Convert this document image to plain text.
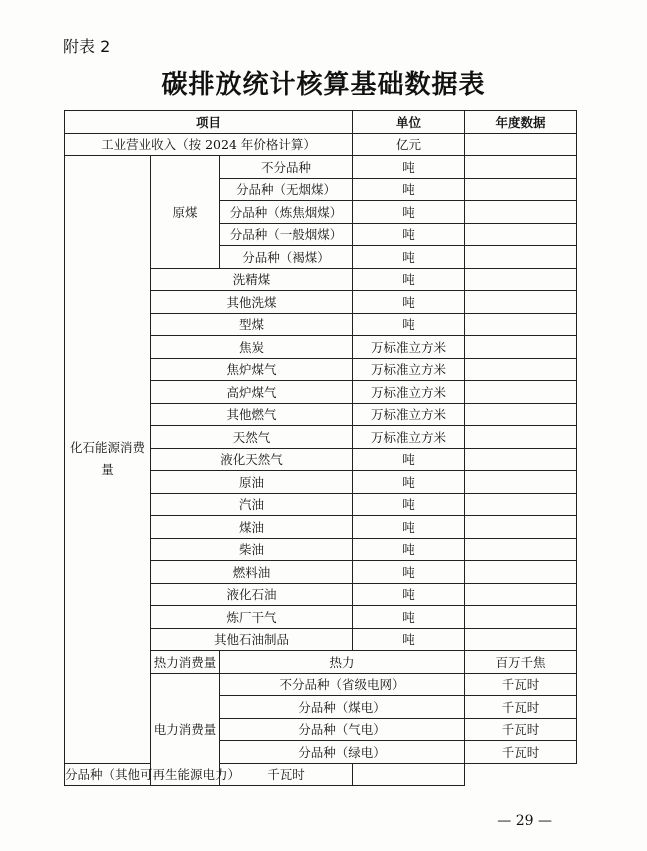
附表 2
碳排放统计核算基础数据表
项目			单位	年度数据	
工业营业收入（按 2024 年价格计算）			亿元		
化石能源消费量	原煤	不分品种	吨		
		分品种（无烟煤）	吨		
		分品种（炼焦烟煤）	吨		
		分品种（一般烟煤）	吨		
		分品种（褐煤）	吨		
	洗精煤		吨		
	其他洗煤		吨		
	型煤		吨		
	焦炭		万标准立方米		
	焦炉煤气		万标准立方米		
	高炉煤气		万标准立方米		
	其他燃气		万标准立方米		
	天然气		万标准立方米		
	液化天然气		吨		
	原油		吨		
	汽油		吨		
	煤油		吨		
	柴油		吨		
	燃料油		吨		
	液化石油		吨		
	炼厂干气		吨		
	其他石油制品		吨		
	热力消费量	热力		百万千焦	
	电力消费量	不分品种（省级电网）		千瓦时	
		分品种（煤电）		千瓦时	
		分品种（气电）		千瓦时	
		分品种（绿电）		千瓦时	
分品种（其他可再生能源电力）		千瓦时			
— 29 —
